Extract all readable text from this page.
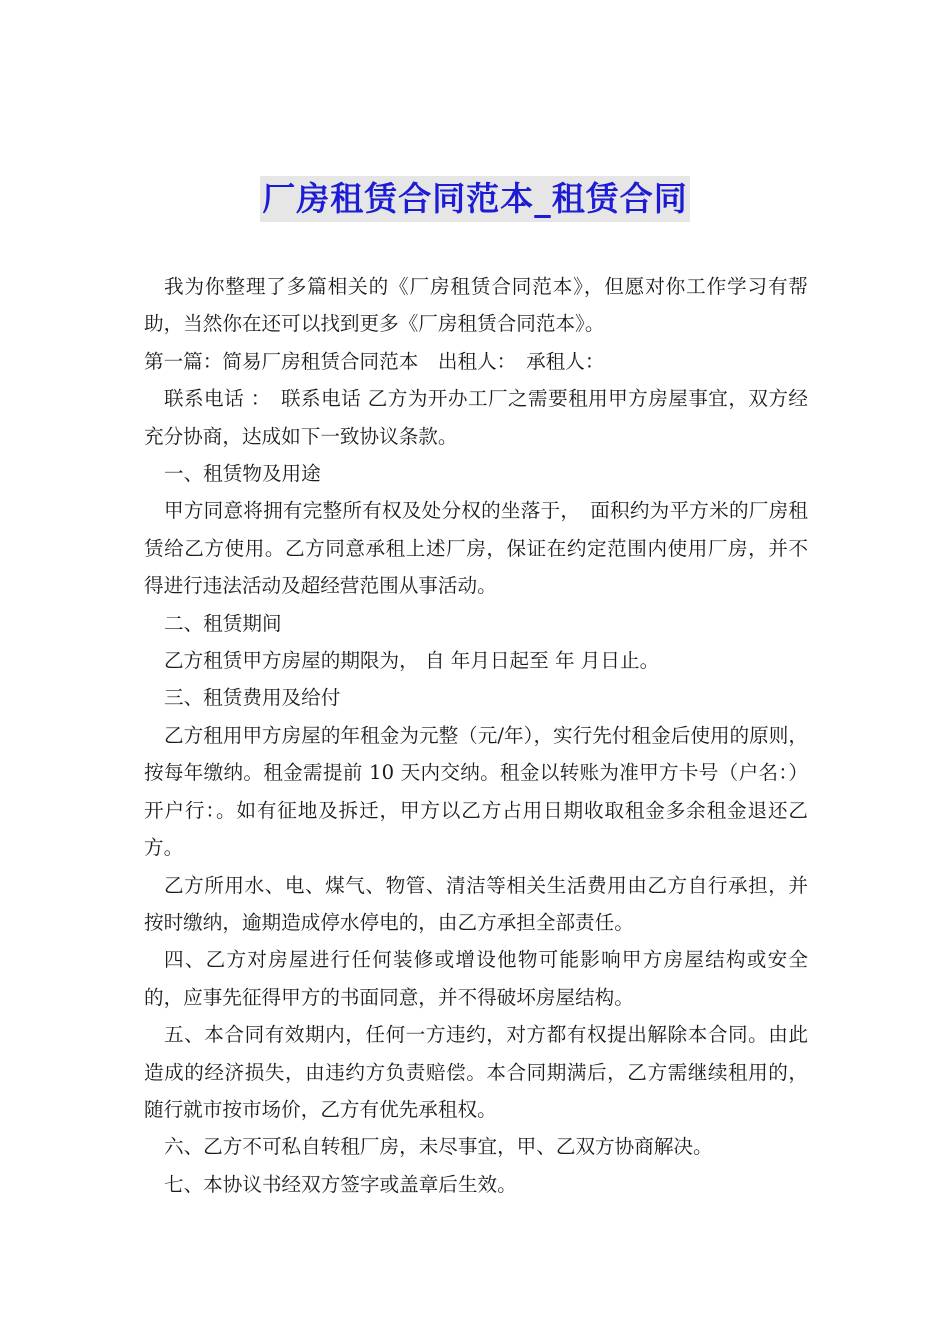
厂房租赁合同范本_租赁合同

我为你整理了多篇相关的《厂房租赁合同范本》，但愿对你工作学习有帮助，当然你在还可以找到更多《厂房租赁合同范本》。

第一篇：简易厂房租赁合同范本　出租人：　承租人：

联系电话 ：　联系电话 乙方为开办工厂之需要租用甲方房屋事宜，双方经充分协商，达成如下一致协议条款。

一、租赁物及用途

甲方同意将拥有完整所有权及处分权的坐落于，　面积约为平方米的厂房租赁给乙方使用。乙方同意承租上述厂房，保证在约定范围内使用厂房，并不得进行违法活动及超经营范围从事活动。

二、租赁期间

乙方租赁甲方房屋的期限为， 自 年月日起至 年 月日止。

三、租赁费用及给付

乙方租用甲方房屋的年租金为元整（元/年），实行先付租金后使用的原则，按每年缴纳。租金需提前 10 天内交纳。租金以转账为准甲方卡号（户名：）开户行：。如有征地及拆迁，甲方以乙方占用日期收取租金多余租金退还乙方。

乙方所用水、电、煤气、物管、清洁等相关生活费用由乙方自行承担，并按时缴纳，逾期造成停水停电的，由乙方承担全部责任。

四、乙方对房屋进行任何装修或增设他物可能影响甲方房屋结构或安全的，应事先征得甲方的书面同意，并不得破坏房屋结构。

五、本合同有效期内，任何一方违约，对方都有权提出解除本合同。由此造成的经济损失，由违约方负责赔偿。本合同期满后，乙方需继续租用的，随行就市按市场价，乙方有优先承租权。

六、乙方不可私自转租厂房，未尽事宜，甲、乙双方协商解决。

七、本协议书经双方签字或盖章后生效。
